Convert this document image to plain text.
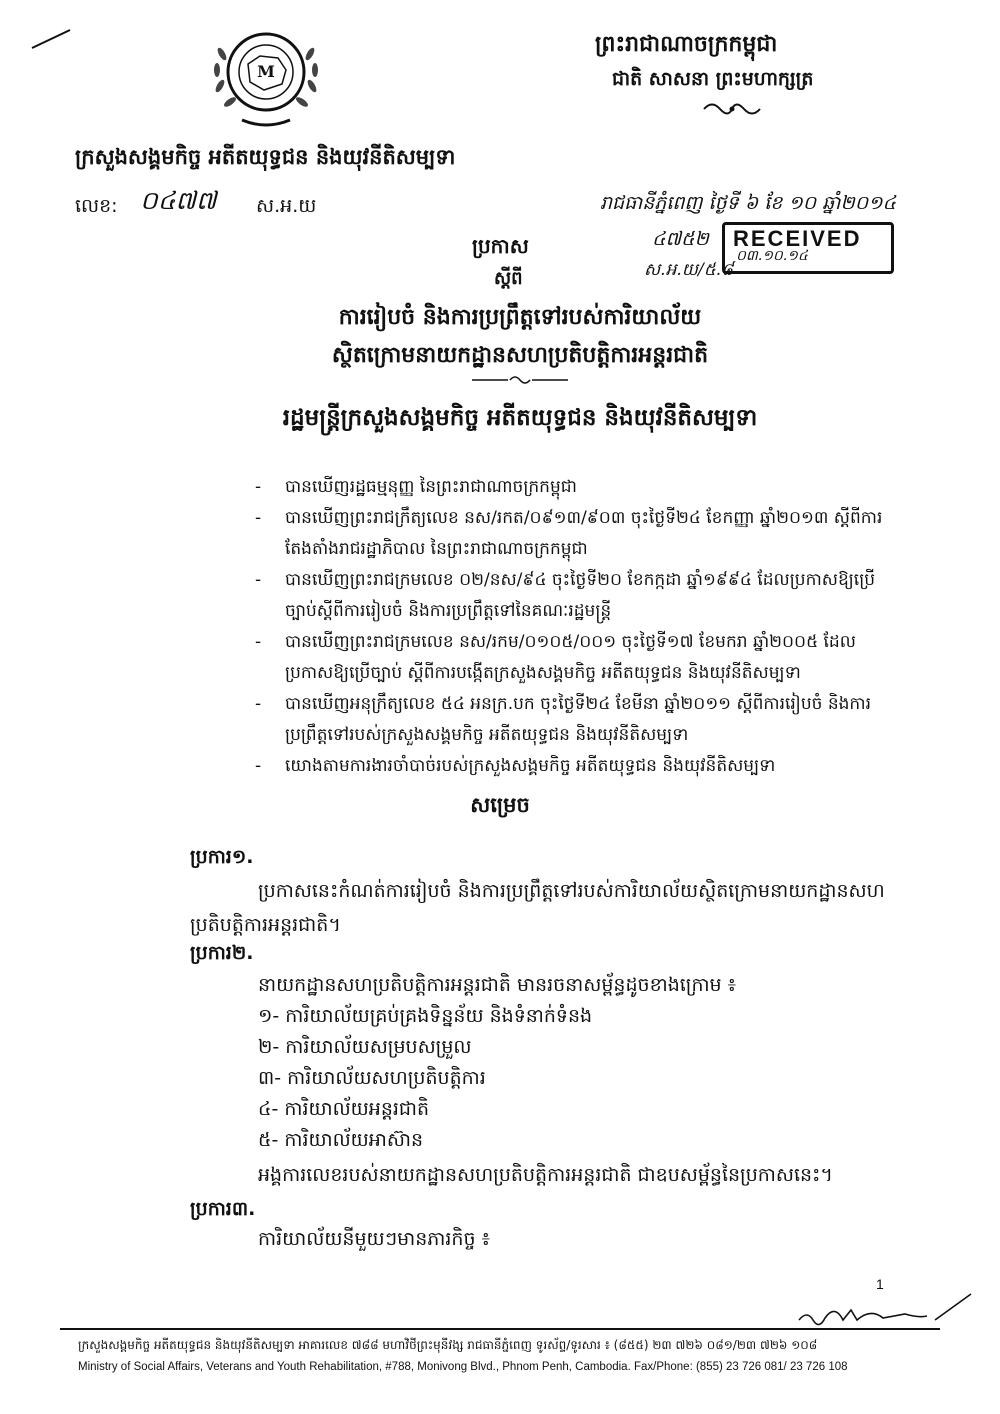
M
ព្រះរាជាណាចក្រកម្ពុជា
ជាតិ សាសនា ព្រះមហាក្សត្រ
ក្រសួងសង្គមកិច្ច អតីតយុទ្ធជន និងយុវនីតិសម្បទា
លេខ: ០៤៧៧ ស.អ.យ	រាជធានីភ្នំពេញ ថ្ងៃទី ៦ ខែ ១០ ឆ្នាំ២០១៤
RECEIVED
៤៧៥២
០៣.១០.១៤
ស.អ.យ/៥.៨
ប្រកាស
ស្តីពី
ការរៀបចំ និងការប្រព្រឹត្តទៅរបស់ការិយាល័យ
ស្ថិតក្រោមនាយកដ្ឋានសហប្រតិបត្តិការអន្តរជាតិ
រដ្ឋមន្ត្រីក្រសួងសង្គមកិច្ច អតីតយុទ្ធជន និងយុវនីតិសម្បទា
- បានឃើញរដ្ឋធម្មនុញ្ញ នៃព្រះរាជាណាចក្រកម្ពុជា
- បានឃើញព្រះរាជក្រឹត្យលេខ នស/រកត/០៩១៣/៩០៣ ចុះថ្ងៃទី២៤ ខែកញ្ញា ឆ្នាំ២០១៣ ស្តីពីការតែងតាំងរាជរដ្ឋាភិបាល នៃព្រះរាជាណាចក្រកម្ពុជា
- បានឃើញព្រះរាជក្រមលេខ ០២/នស/៩៤ ចុះថ្ងៃទី២០ ខែកក្កដា ឆ្នាំ១៩៩៤ ដែលប្រកាសឱ្យប្រើច្បាប់ស្តីពីការរៀបចំ និងការប្រព្រឹត្តទៅនៃគណៈរដ្ឋមន្ត្រី
- បានឃើញព្រះរាជក្រមលេខ នស/រកម/០១០៥/០០១ ចុះថ្ងៃទី១៧ ខែមករា ឆ្នាំ២០០៥ ដែលប្រកាសឱ្យប្រើច្បាប់ ស្តីពីការបង្កើតក្រសួងសង្គមកិច្ច អតីតយុទ្ធជន និងយុវនីតិសម្បទា
- បានឃើញអនុក្រឹត្យលេខ ៥៤ អនក្រ.បក ចុះថ្ងៃទី២៤ ខែមីនា ឆ្នាំ២០១១ ស្តីពីការរៀបចំ និងការប្រព្រឹត្តទៅរបស់ក្រសួងសង្គមកិច្ច អតីតយុទ្ធជន និងយុវនីតិសម្បទា
- យោងតាមការងារចាំបាច់របស់ក្រសួងសង្គមកិច្ច អតីតយុទ្ធជន និងយុវនីតិសម្បទា
សម្រេច
ប្រការ១.
ប្រកាសនេះកំណត់ការរៀបចំ និងការប្រព្រឹត្តទៅរបស់ការិយាល័យស្ថិតក្រោមនាយកដ្ឋានសហប្រតិបត្តិការអន្តរជាតិ។
ប្រការ២.
នាយកដ្ឋានសហប្រតិបត្តិការអន្តរជាតិ មានរចនាសម្ព័ន្ធដូចខាងក្រោម ៖
១- ការិយាល័យគ្រប់គ្រងទិន្នន័យ និងទំនាក់ទំនង
២- ការិយាល័យសម្របសម្រួល
៣- ការិយាល័យសហប្រតិបត្តិការ
៤- ការិយាល័យអន្តរជាតិ
៥- ការិយាល័យអាស៊ាន
អង្គការលេខរបស់នាយកដ្ឋានសហប្រតិបត្តិការអន្តរជាតិ ជាឧបសម្ព័ន្ធនៃប្រកាសនេះ។
ប្រការ៣.
ការិយាល័យនីមួយៗមានភារកិច្ច ៖
1
ក្រសួងសង្គមកិច្ច អតីតយុទ្ធជន និងយុវនីតិសម្បទា អាគារលេខ ៧៨៨ មហាវិថីព្រះមុនីវង្ស រាជធានីភ្នំពេញ ទូរស័ព្ទ/ទូរសារ ៖ (៨៥៥) ២៣ ៧២៦ ០៨១/២៣ ៧២៦ ១០៨
Ministry of Social Affairs, Veterans and Youth Rehabilitation, #788, Monivong Blvd., Phnom Penh, Cambodia. Fax/Phone: (855) 23 726 081/ 23 726 108
